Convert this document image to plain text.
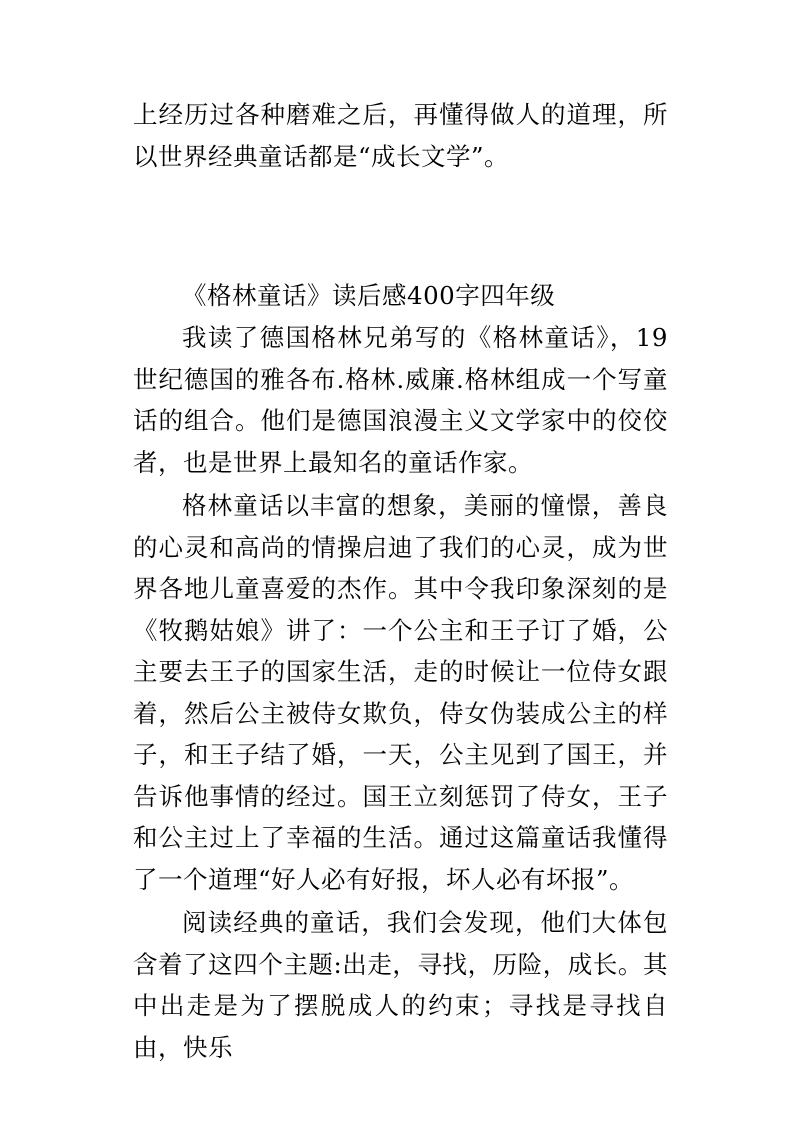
上经历过各种磨难之后，再懂得做人的道理，所以世界经典童话都是“成长文学”。

《格林童话》读后感400字四年级

我读了德国格林兄弟写的《格林童话》，19世纪德国的雅各布.格林.威廉.格林组成一个写童话的组合。他们是德国浪漫主义文学家中的佼佼者，也是世界上最知名的童话作家。

格林童话以丰富的想象，美丽的憧憬，善良的心灵和高尚的情操启迪了我们的心灵，成为世界各地儿童喜爱的杰作。其中令我印象深刻的是《牧鹅姑娘》讲了：一个公主和王子订了婚，公主要去王子的国家生活，走的时候让一位侍女跟着，然后公主被侍女欺负，侍女伪装成公主的样子，和王子结了婚，一天，公主见到了国王，并告诉他事情的经过。国王立刻惩罚了侍女，王子和公主过上了幸福的生活。通过这篇童话我懂得了一个道理“好人必有好报，坏人必有坏报”。

阅读经典的童话，我们会发现，他们大体包含着了这四个主题:出走，寻找，历险，成长。其中出走是为了摆脱成人的约束；寻找是寻找自由，快乐
